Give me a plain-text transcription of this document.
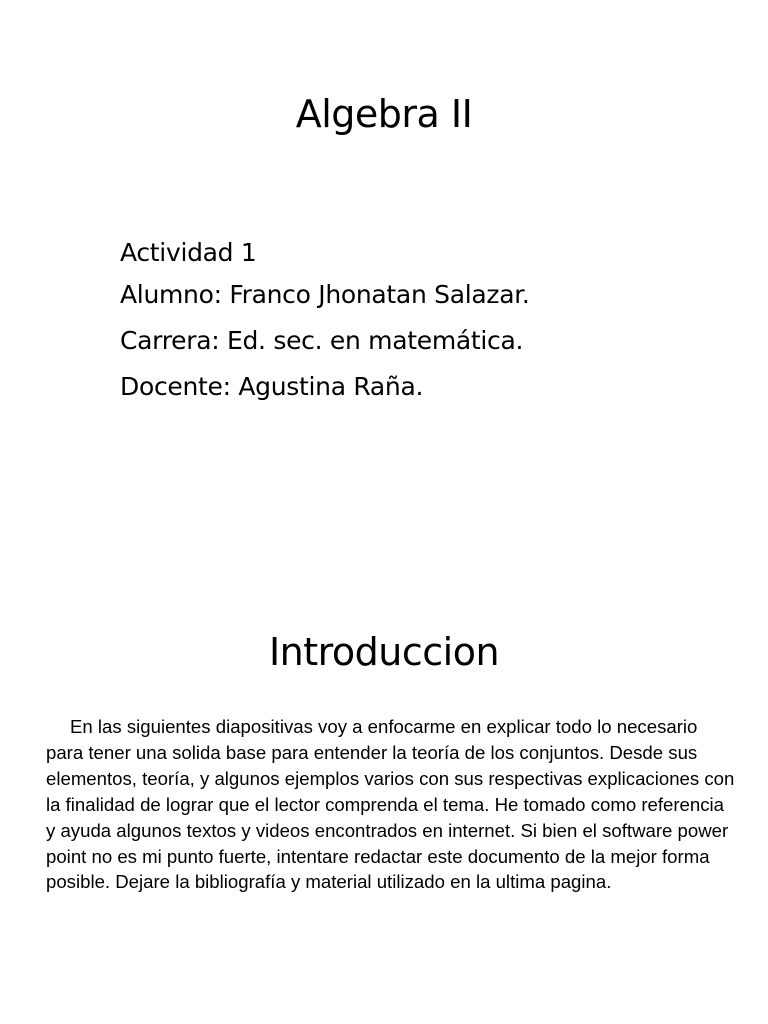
Algebra II
Actividad 1
Alumno: Franco Jhonatan Salazar.
Carrera: Ed. sec. en matemática.
Docente: Agustina Raña.
Introduccion

En las siguientes diapositivas voy a enfocarme en explicar todo lo necesario para tener una solida base para entender la teoría de los conjuntos. Desde sus elementos, teoría, y algunos ejemplos varios con sus respectivas explicaciones con la finalidad de lograr que el lector comprenda el tema. He tomado como referencia y ayuda algunos textos y videos encontrados en internet. Si bien el software power point no es mi punto fuerte, intentare redactar este documento de la mejor forma posible. Dejare la bibliografía y material utilizado en la ultima pagina.
